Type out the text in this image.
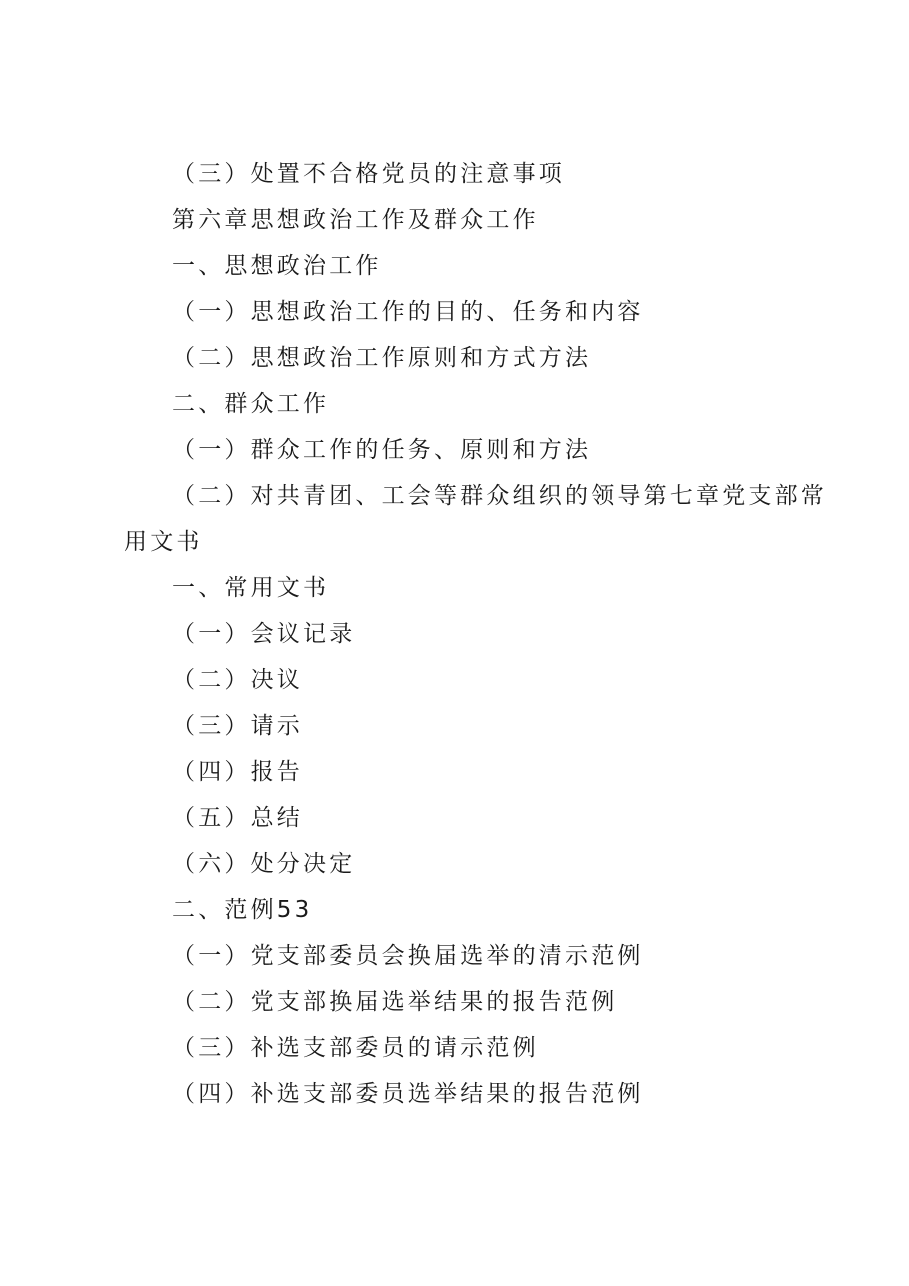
（三）处置不合格党员的注意事项
第六章思想政治工作及群众工作
一、思想政治工作
（一）思想政治工作的目的、任务和内容
（二）思想政治工作原则和方式方法
二、群众工作
（一）群众工作的任务、原则和方法
（二）对共青团、工会等群众组织的领导第七章党支部常
用文书
一、常用文书
（一）会议记录
（二）决议
（三）请示
（四）报告
（五）总结
（六）处分决定
二、范例53
（一）党支部委员会换届选举的清示范例
（二）党支部换届选举结果的报告范例
（三）补选支部委员的请示范例
（四）补选支部委员选举结果的报告范例
